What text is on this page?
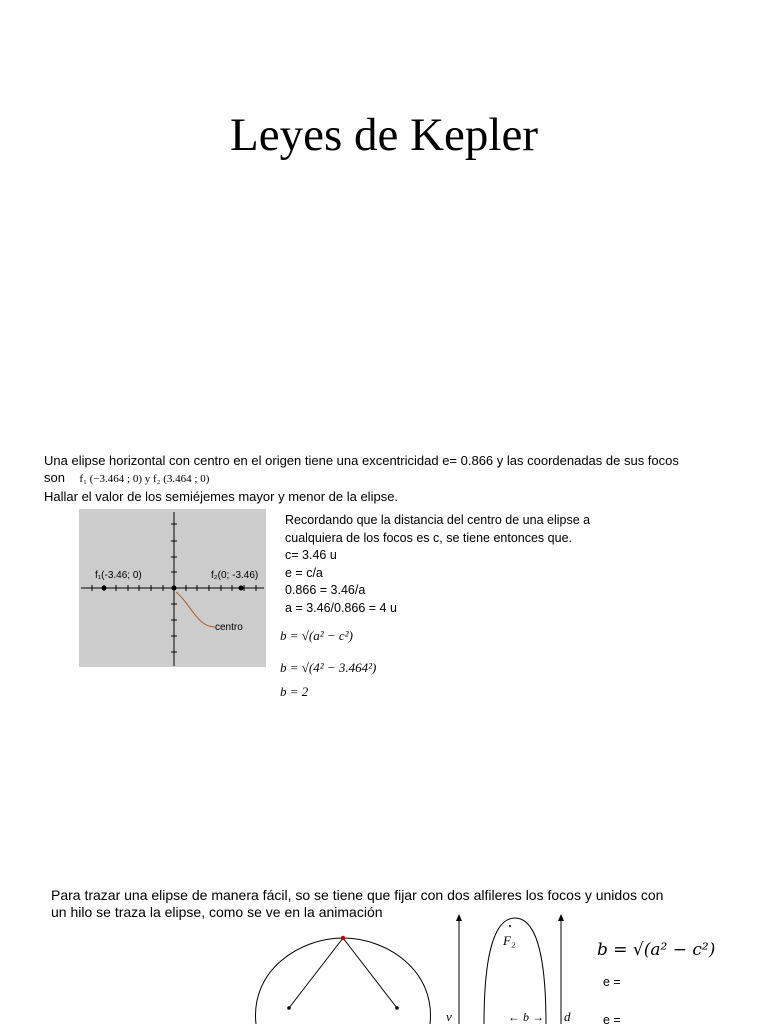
Leyes de Kepler
Una elipse horizontal con centro en el origen tiene una excentricidad e= 0.866 y las coordenadas de sus focos
son f₁ (−3.464 ; 0) y f₂ (3.464 ; 0)
Hallar el valor de los semiéjemes mayor y menor de la elipse.
f₁(-3.46; 0)	f₂(0; -3.46)
centro
Recordando que la distancia del centro de una elipse a
cualquiera de los focos es c, se tiene entonces que.
c= 3.46 u
e = c/a
0.866 = 3.46/a
a = 3.46/0.866 = 4 u
b = √(a² − c²)
b = √(4² − 3.464²)
b = 2
Para trazar una elipse de manera fácil, so se tiene que fijar con dos alfileres los focos y unidos con
un hilo se traza la elipse, como se ve en la animación
F₂
v	d
← b →
b = √(a² − c²)
e =
e =
